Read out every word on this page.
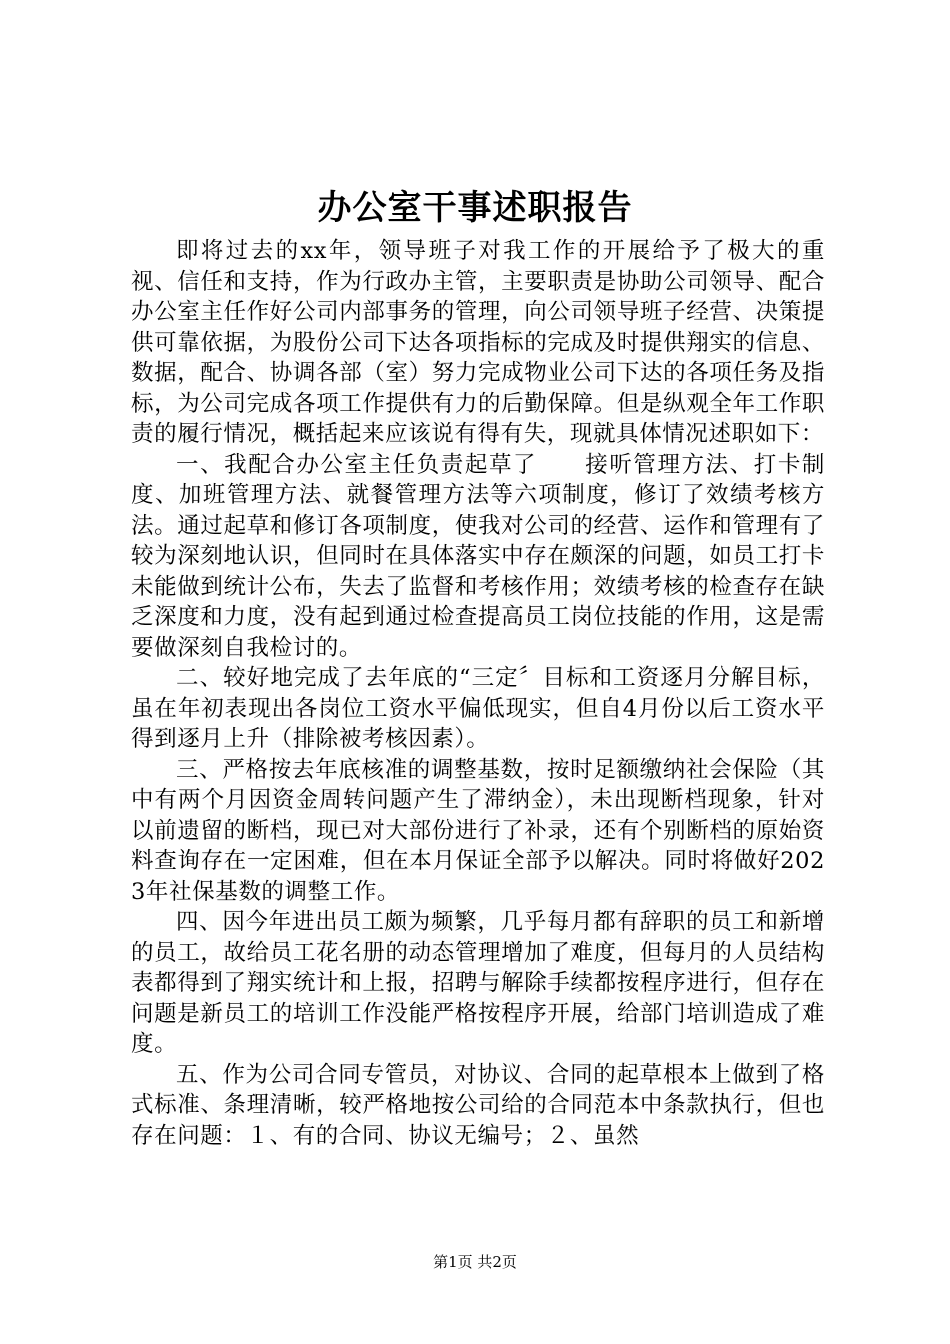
办公室干事述职报告

即将过去的xx年，领导班子对我工作的开展给予了极大的重视、信任和支持，作为行政办主管，主要职责是协助公司领导、配合办公室主任作好公司内部事务的管理，向公司领导班子经营、决策提供可靠依据，为股份公司下达各项指标的完成及时提供翔实的信息、数据，配合、协调各部（室）努力完成物业公司下达的各项任务及指标，为公司完成各项工作提供有力的后勤保障。但是纵观全年工作职责的履行情况，概括起来应该说有得有失，现就具体情况述职如下：

一、我配合办公室主任负责起草了　　接听管理方法、打卡制度、加班管理方法、就餐管理方法等六项制度，修订了效绩考核方法。通过起草和修订各项制度，使我对公司的经营、运作和管理有了较为深刻地认识，但同时在具体落实中存在颇深的问题，如员工打卡未能做到统计公布，失去了监督和考核作用；效绩考核的检查存在缺乏深度和力度，没有起到通过检查提高员工岗位技能的作用，这是需要做深刻自我检讨的。

二、较好地完成了去年底的“三定〞目标和工资逐月分解目标，虽在年初表现出各岗位工资水平偏低现实，但自4月份以后工资水平得到逐月上升（排除被考核因素）。

三、严格按去年底核准的调整基数，按时足额缴纳社会保险（其中有两个月因资金周转问题产生了滞纳金），未出现断档现象，针对以前遗留的断档，现已对大部份进行了补录，还有个别断档的原始资料查询存在一定困难，但在本月保证全部予以解决。同时将做好2023年社保基数的调整工作。

四、因今年进出员工颇为频繁，几乎每月都有辞职的员工和新增的员工，故给员工花名册的动态管理增加了难度，但每月的人员结构表都得到了翔实统计和上报，招聘与解除手续都按程序进行，但存在问题是新员工的培训工作没能严格按程序开展，给部门培训造成了难度。

五、作为公司合同专管员，对协议、合同的起草根本上做到了格式标准、条理清晰，较严格地按公司给的合同范本中条款执行，但也存在问题：１、有的合同、协议无编号；２、虽然

第1页 共2页
